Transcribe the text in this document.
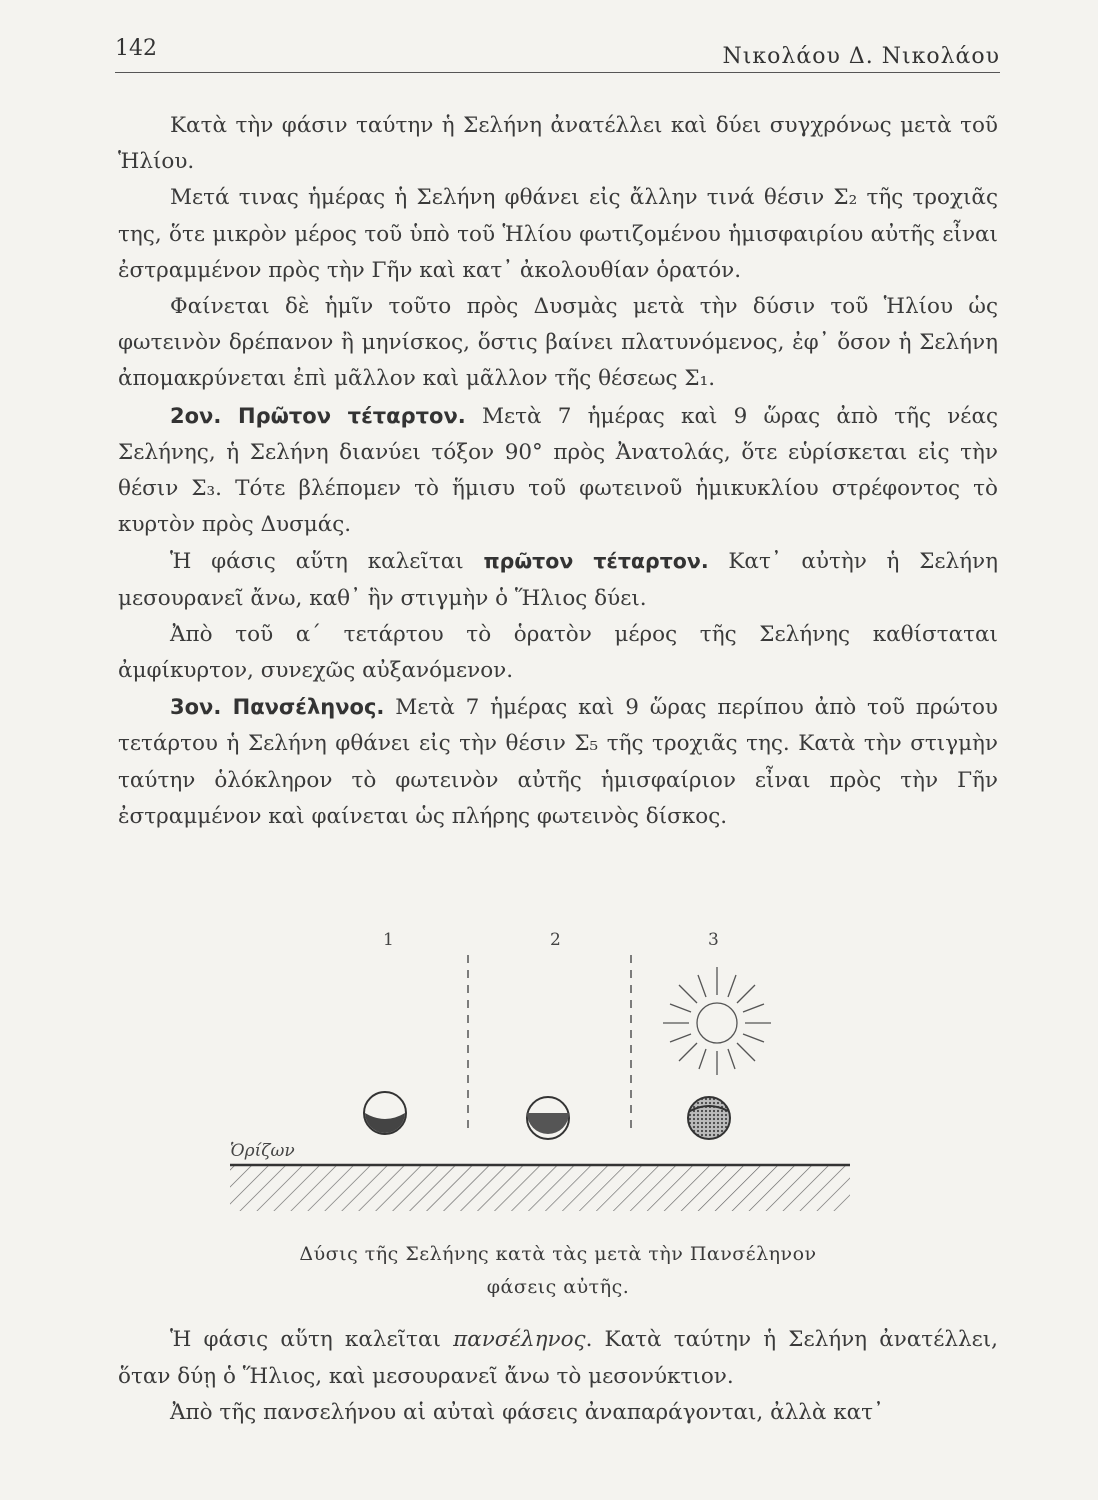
142	Νικολάου Δ. Νικολάου

Κατὰ τὴν φάσιν ταύτην ἡ Σελήνη ἀνατέλλει καὶ δύει συγχρόνως μετὰ τοῦ Ἡλίου.

Μετά τινας ἡμέρας ἡ Σελήνη φθάνει εἰς ἄλλην τινά θέσιν Σ₂ τῆς τροχιᾶς της, ὅτε μικρὸν μέρος τοῦ ὑπὸ τοῦ Ἡλίου φωτιζομένου ἡμισφαιρίου αὐτῆς εἶναι ἐστραμμένον πρὸς τὴν Γῆν καὶ κατ᾽ ἀκολουθίαν ὁρατόν.

Φαίνεται δὲ ἡμῖν τοῦτο πρὸς Δυσμὰς μετὰ τὴν δύσιν τοῦ Ἡλίου ὡς φωτεινὸν δρέπανον ἢ μηνίσκος, ὅστις βαίνει πλατυνόμενος, ἐφ᾽ ὅσον ἡ Σελήνη ἀπομακρύνεται ἐπὶ μᾶλλον καὶ μᾶλλον τῆς θέσεως Σ₁.

2ον. Πρῶτον τέταρτον. Μετὰ 7 ἡμέρας καὶ 9 ὥρας ἀπὸ τῆς νέας Σελήνης, ἡ Σελήνη διανύει τόξον 90° πρὸς Ἀνατολάς, ὅτε εὑρίσκεται εἰς τὴν θέσιν Σ₃. Τότε βλέπομεν τὸ ἥμισυ τοῦ φωτεινοῦ ἡμικυκλίου στρέφοντος τὸ κυρτὸν πρὸς Δυσμάς.

Ἡ φάσις αὕτη καλεῖται πρῶτον τέταρτον. Κατ᾽ αὐτὴν ἡ Σελήνη μεσουρανεῖ ἄνω, καθ᾽ ἣν στιγμὴν ὁ Ἥλιος δύει.

Ἀπὸ τοῦ α´ τετάρτου τὸ ὁρατὸν μέρος τῆς Σελήνης καθίσταται ἀμφίκυρτον, συνεχῶς αὐξανόμενον.

3ον. Πανσέληνος. Μετὰ 7 ἡμέρας καὶ 9 ὥρας περίπου ἀπὸ τοῦ πρώτου τετάρτου ἡ Σελήνη φθάνει εἰς τὴν θέσιν Σ₅ τῆς τροχιᾶς της. Κατὰ τὴν στιγμὴν ταύτην ὁλόκληρον τὸ φωτεινὸν αὐτῆς ἡμισφαίριον εἶναι πρὸς τὴν Γῆν ἐστραμμένον καὶ φαίνεται ὡς πλήρης φωτεινὸς δίσκος.

1	2	3
Ὁρίζων
Δύσις τῆς Σελήνης κατὰ τὰς μετὰ τὴν Πανσέληνον
φάσεις αὐτῆς.

Ἡ φάσις αὕτη καλεῖται πανσέληνος. Κατὰ ταύτην ἡ Σελήνη ἀνατέλλει, ὅταν δύῃ ὁ Ἥλιος, καὶ μεσουρανεῖ ἄνω τὸ μεσονύκτιον.

Ἀπὸ τῆς πανσελήνου αἱ αὐταὶ φάσεις ἀναπαράγονται, ἀλλὰ κατ᾽
